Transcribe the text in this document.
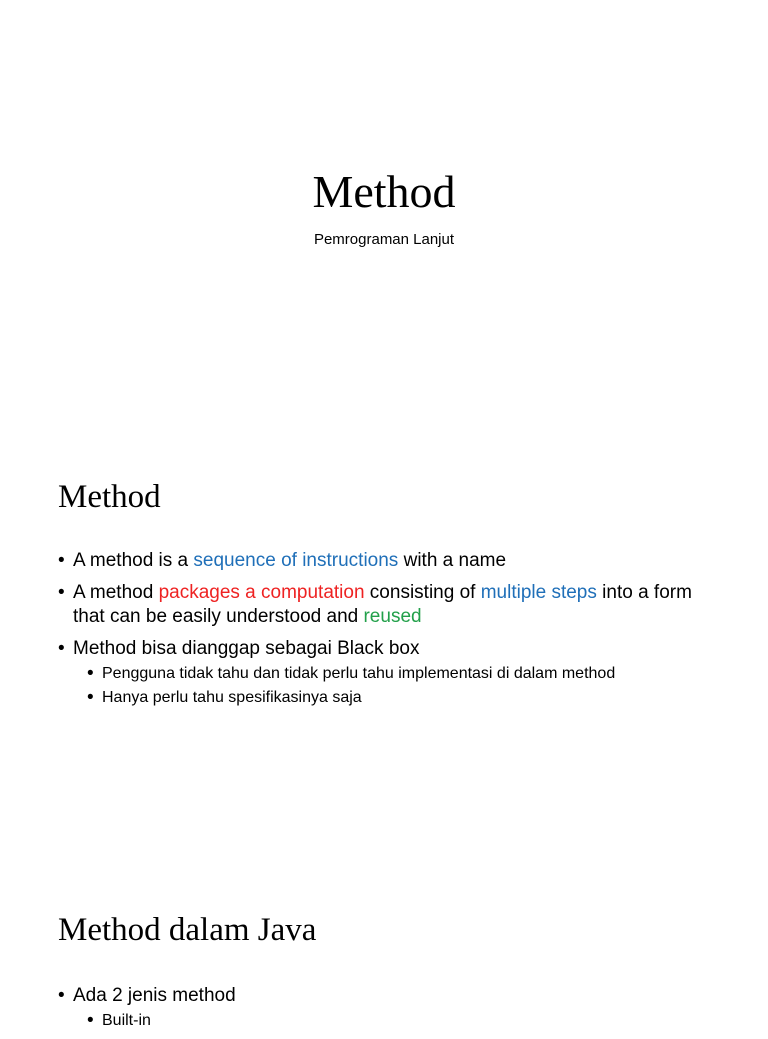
Method
Pemrograman Lanjut
Method
• A method is a sequence of instructions with a name
• A method packages a computation consisting of multiple steps into a form that can be easily understood and reused
• Method bisa dianggap sebagai Black box
• Pengguna tidak tahu dan tidak perlu tahu implementasi di dalam method
• Hanya perlu tahu spesifikasinya saja
Method dalam Java
• Ada 2 jenis method
• Built-in
